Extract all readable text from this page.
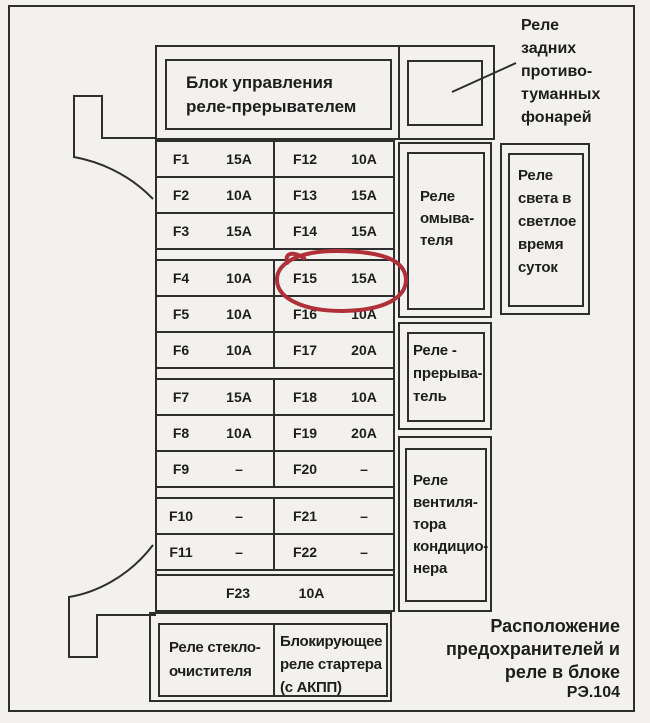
Блок управления реле-прерывателем
Реле
задних
противо-
туманных
фонарей
F1	15A	F12	10A
F2	10A	F13	15A
F3	15A	F14	15A
F4	10A	F15	15A
F5	10A	F16	10A
F6	10A	F17	20A
F7	15A	F18	10A
F8	10A	F19	20A
F9	–	F20	–
F10	–	F21	–
F11	–	F22	–
F23	10A
Реле
омыва-
теля
Реле
света в
светлое
время
суток
Реле -
прерыва-
тель
Реле
вентиля-
тора
кондицио-
нера
Реле стекло-
очистителя
Блокирующее
реле стартера
(с АКПП)
Расположение
предохранителей и
реле в блоке
РЭ.104
